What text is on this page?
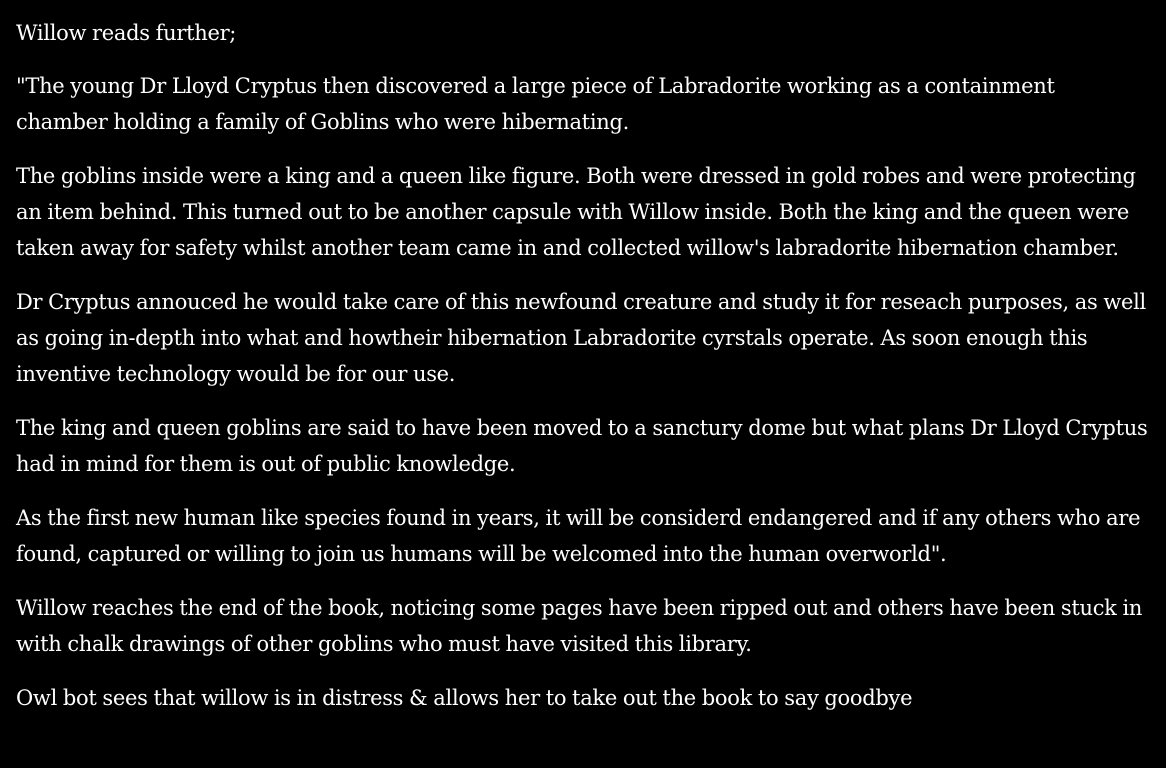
Willow reads further;

"The young Dr Lloyd Cryptus then discovered a large piece of Labradorite working as a containment chamber holding a family of Goblins who were hibernating.

The goblins inside were a king and a queen like figure. Both were dressed in gold robes and were protecting an item behind. This turned out to be another capsule with Willow inside. Both the king and the queen were taken away for safety whilst another team came in and collected willow's labradorite hibernation chamber.

Dr Cryptus annouced he would take care of this newfound creature and study it for reseach purposes, as well as going in-depth into what and howtheir hibernation Labradorite cyrstals operate. As soon enough this inventive technology would be for our use.

The king and queen goblins are said to have been moved to a sanctury dome but what plans Dr Lloyd Cryptus had in mind for them is out of public knowledge.

As the first new human like species found in years, it will be considerd endangered and if any others who are found, captured or willing to join us humans will be welcomed into the human overworld".

Willow reaches the end of the book, noticing some pages have been ripped out and others have been stuck in with chalk drawings of other goblins who must have visited this library.

Owl bot sees that willow is in distress & allows her to take out the book to say goodbye
